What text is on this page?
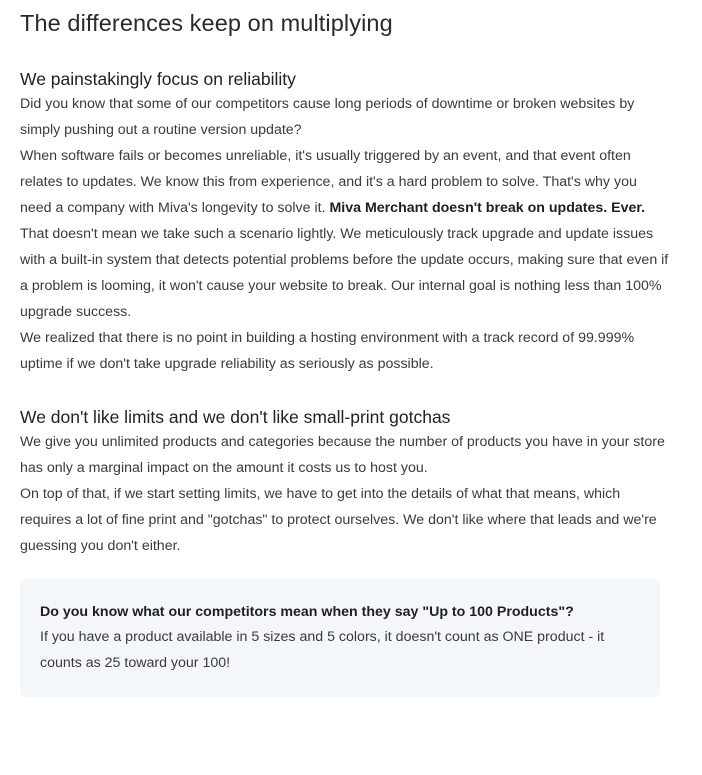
The differences keep on multiplying
We painstakingly focus on reliability

Did you know that some of our competitors cause long periods of downtime or broken websites by simply pushing out a routine version update?

When software fails or becomes unreliable, it's usually triggered by an event, and that event often relates to updates. We know this from experience, and it's a hard problem to solve. That's why you need a company with Miva's longevity to solve it. Miva Merchant doesn't break on updates. Ever.

That doesn't mean we take such a scenario lightly. We meticulously track upgrade and update issues with a built-in system that detects potential problems before the update occurs, making sure that even if a problem is looming, it won't cause your website to break. Our internal goal is nothing less than 100% upgrade success.

We realized that there is no point in building a hosting environment with a track record of 99.999% uptime if we don't take upgrade reliability as seriously as possible.

We don't like limits and we don't like small-print gotchas

We give you unlimited products and categories because the number of products you have in your store has only a marginal impact on the amount it costs us to host you.

On top of that, if we start setting limits, we have to get into the details of what that means, which requires a lot of fine print and "gotchas" to protect ourselves. We don't like where that leads and we're guessing you don't either.

Do you know what our competitors mean when they say "Up to 100 Products"?

If you have a product available in 5 sizes and 5 colors, it doesn't count as ONE product - it counts as 25 toward your 100!
